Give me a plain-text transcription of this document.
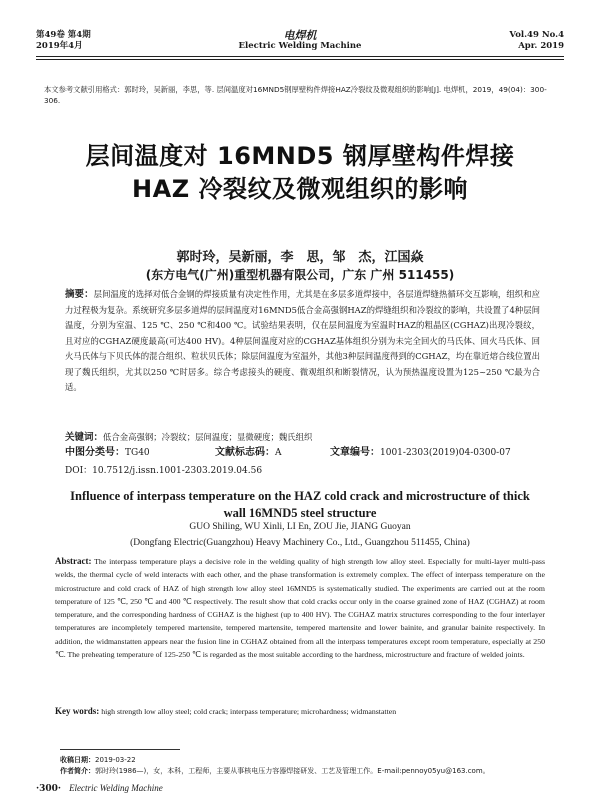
第49卷 第4期
2019年4月
电焊机
Electric Welding Machine
Vol.49 No.4
Apr. 2019
本文参考文献引用格式：郭时玲，吴新丽，李思，等. 层间温度对16MND5钢厚壁构件焊接HAZ冷裂纹及微观组织的影响[J]. 电焊机，2019，49(04)：300-306.
层间温度对 16MND5 钢厚壁构件焊接
HAZ 冷裂纹及微观组织的影响
郭时玲，吴新丽，李　思，邹　杰，江国焱
(东方电气(广州)重型机器有限公司，广东 广州 511455)
摘要：层间温度的选择对低合金钢的焊接质量有决定性作用，尤其是在多层多道焊接中，各层道焊缝热循环交互影响，组织和应力过程极为复杂。系统研究多层多道焊的层间温度对16MND5低合金高强钢HAZ的焊缝组织和冷裂纹的影响，共设置了4种层间温度，分别为室温、125 ℃、250 ℃和400 ℃。试验结果表明，仅在层间温度为室温时HAZ的粗晶区(CGHAZ)出现冷裂纹，且对应的CGHAZ硬度最高(可达400 HV)。4种层间温度对应的CGHAZ基体组织分别为未完全回火的马氏体、回火马氏体、回火马氏体与下贝氏体的混合组织、粒状贝氏体；除层间温度为室温外，其他3种层间温度得到的CGHAZ，均在靠近熔合线位置出现了魏氏组织，尤其以250 ℃时居多。综合考虑接头的硬度、微观组织和断裂情况，认为预热温度设置为125~250 ℃最为合适。
关键词：低合金高强钢；冷裂纹；层间温度；显微硬度；魏氏组织
中图分类号：TG40	文献标志码：A	文章编号：1001-2303(2019)04-0300-07
DOI：10.7512/j.issn.1001-2303.2019.04.56
Influence of interpass temperature on the HAZ cold crack and microstructure of thick wall 16MND5 steel structure
GUO Shiling, WU Xinli, LI En, ZOU Jie, JIANG Guoyan
(Dongfang Electric(Guangzhou) Heavy Machinery Co., Ltd., Guangzhou 511455, China)
Abstract: The interpass temperature plays a decisive role in the welding quality of high strength low alloy steel. Especially for multi-layer multi-pass welds, the thermal cycle of weld interacts with each other, and the phase transformation is extremely complex. The effect of interpass temperature on the microstructure and cold crack of HAZ of high strength low alloy steel 16MND5 is systematically studied. The experiments are carried out at the room temperature of 125 ℃, 250 ℃ and 400 ℃ respectively. The result show that cold cracks occur only in the coarse grained zone of HAZ (CGHAZ) at room temperature, and the corresponding hardness of CGHAZ is the highest (up to 400 HV). The CGHAZ matrix structures corresponding to the four interlayer temperatures are incompletely tempered martensite, tempered martensite, tempered martensite and lower bainite, and granular bainite respectively. In addition, the widmanstatten appears near the fusion line in CGHAZ obtained from all the interpass temperatures except room temperature, especially at 250 ℃. The preheating temperature of 125-250 ℃ is regarded as the most suitable according to the hardness, microstructure and fracture of welded joints.
Key words: high strength low alloy steel; cold crack; interpass temperature; microhardness; widmanstatten
收稿日期：2019-03-22
作者简介：郭时玲(1986—)，女，本科，工程师，主要从事核电压力容器焊接研发、工艺及管理工作。E-mail:pennoy05yu@163.com。
·300· Electric Welding Machine
